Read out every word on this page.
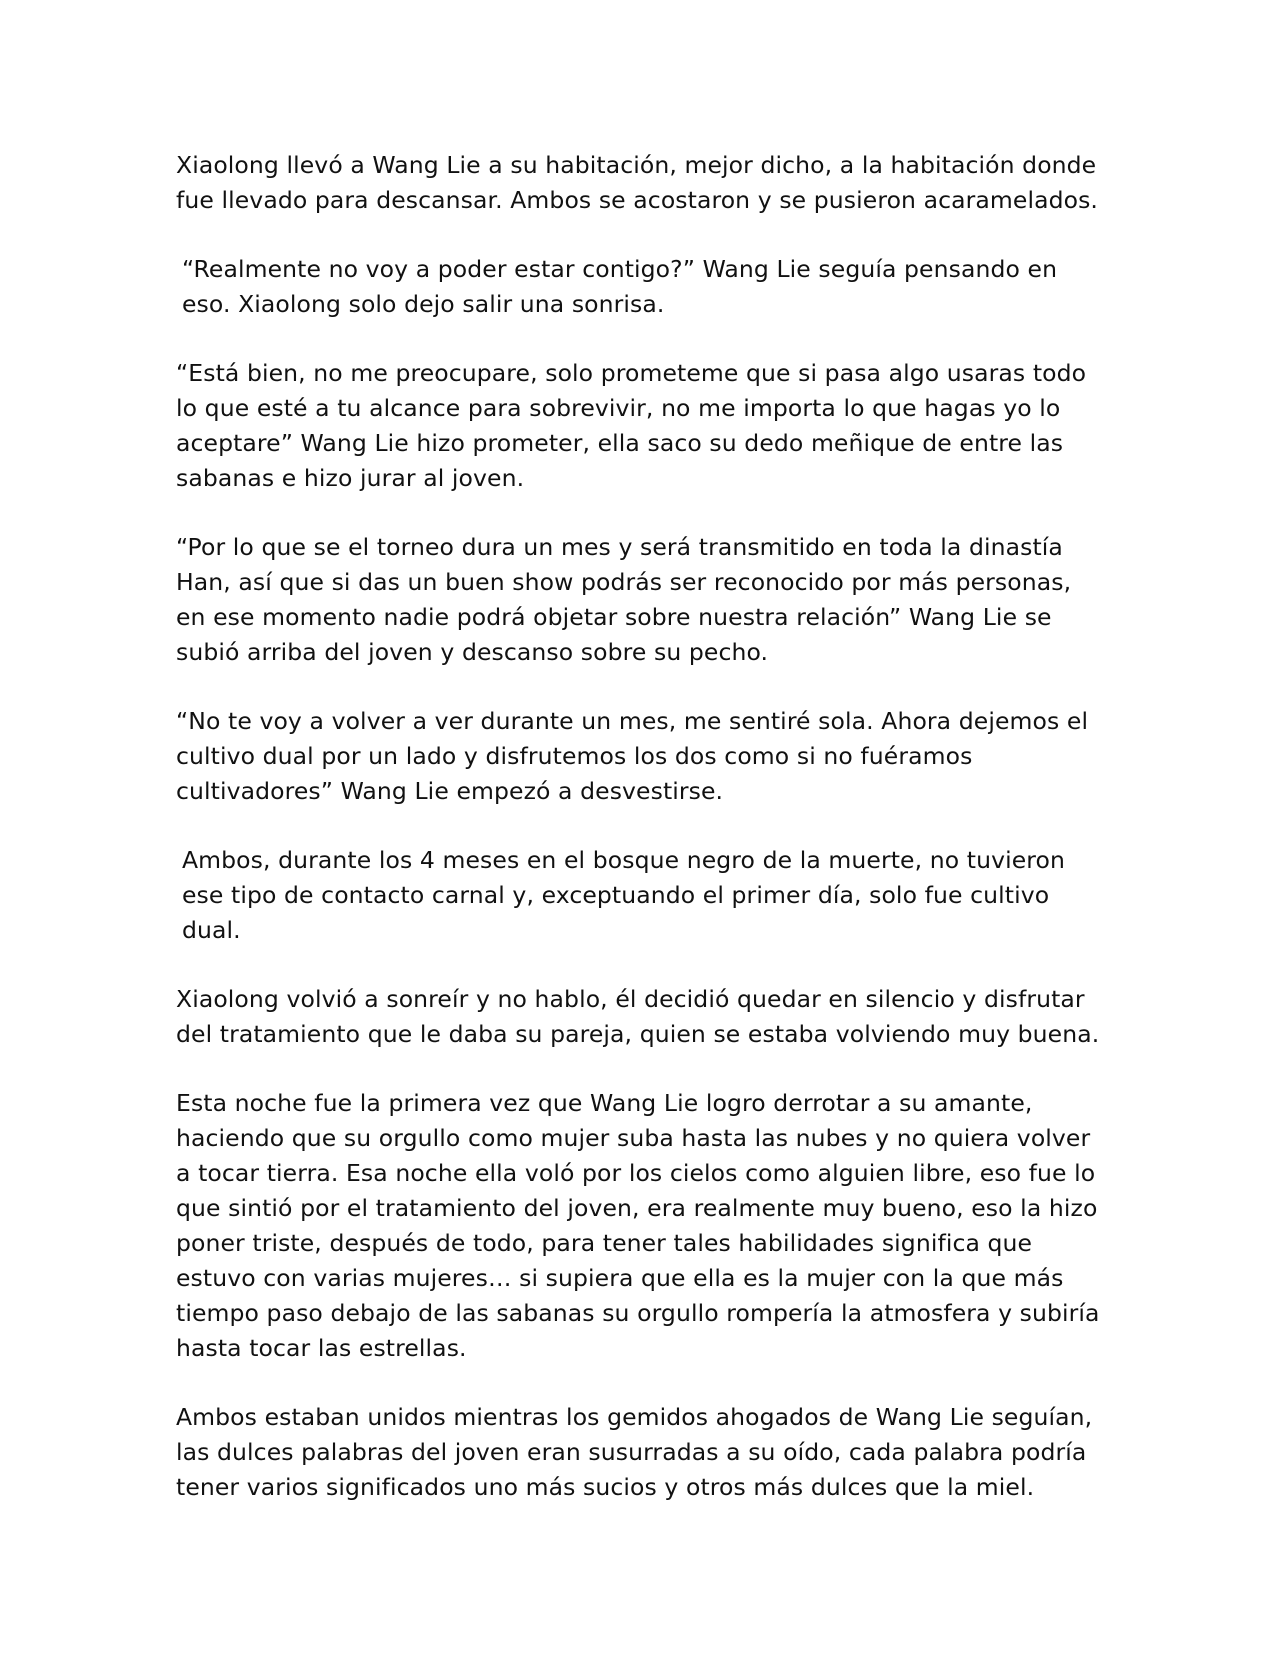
Xiaolong llevó a Wang Lie a su habitación, mejor dicho, a la habitación donde fue llevado para descansar. Ambos se acostaron y se pusieron acaramelados.

“Realmente no voy a poder estar contigo?” Wang Lie seguía pensando en eso. Xiaolong solo dejo salir una sonrisa.

“Está bien, no me preocupare, solo prometeme que si pasa algo usaras todo lo que esté a tu alcance para sobrevivir, no me importa lo que hagas yo lo aceptare” Wang Lie hizo prometer, ella saco su dedo meñique de entre las sabanas e hizo jurar al joven.

“Por lo que se el torneo dura un mes y será transmitido en toda la dinastía Han, así que si das un buen show podrás ser reconocido por más personas, en ese momento nadie podrá objetar sobre nuestra relación” Wang Lie se subió arriba del joven y descanso sobre su pecho.

“No te voy a volver a ver durante un mes, me sentiré sola. Ahora dejemos el cultivo dual por un lado y disfrutemos los dos como si no fuéramos cultivadores” Wang Lie empezó a desvestirse.

Ambos, durante los 4 meses en el bosque negro de la muerte, no tuvieron ese tipo de contacto carnal y, exceptuando el primer día, solo fue cultivo dual.

Xiaolong volvió a sonreír y no hablo, él decidió quedar en silencio y disfrutar del tratamiento que le daba su pareja, quien se estaba volviendo muy buena.

Esta noche fue la primera vez que Wang Lie logro derrotar a su amante, haciendo que su orgullo como mujer suba hasta las nubes y no quiera volver a tocar tierra. Esa noche ella voló por los cielos como alguien libre, eso fue lo que sintió por el tratamiento del joven, era realmente muy bueno, eso la hizo poner triste, después de todo, para tener tales habilidades significa que estuvo con varias mujeres… si supiera que ella es la mujer con la que más tiempo paso debajo de las sabanas su orgullo rompería la atmosfera y subiría hasta tocar las estrellas.

Ambos estaban unidos mientras los gemidos ahogados de Wang Lie seguían, las dulces palabras del joven eran susurradas a su oído, cada palabra podría tener varios significados uno más sucios y otros más dulces que la miel.
